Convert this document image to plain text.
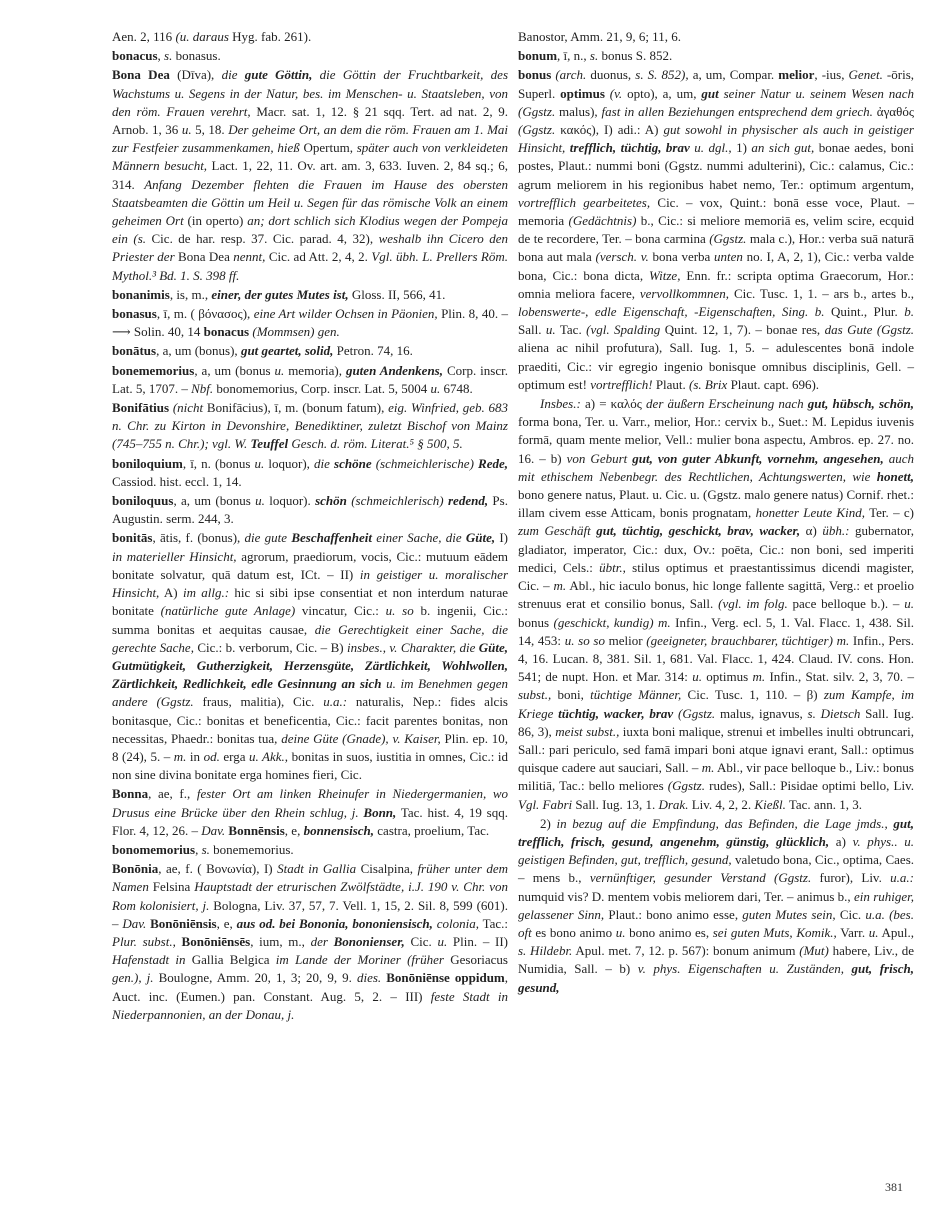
Aen. 2, 116 (u. daraus Hyg. fab. 261).

bonacus, s. bonasus.

Bona Dea (Dīva), die gute Göttin, die Göttin der Fruchtbarkeit, des Wachstums u. Segens in der Natur, bes. im Menschen- u. Staatsleben, von den röm. Frauen verehrt, Macr. sat. 1, 12. § 21 sqq. Tert. ad nat. 2, 9. Arnob. 1, 36 u. 5, 18. Der geheime Ort, an dem die röm. Frauen am 1. Mai zur Festfeier zusammenkamen, hieß Opertum, später auch von verkleideten Männern besucht, Lact. 1, 22, 11. Ov. art. am. 3, 633. Iuven. 2, 84 sq.; 6, 314. Anfang Dezember flehten die Frauen im Hause des obersten Staatsbeamten die Göttin um Heil u. Segen für das römische Volk an einem geheimen Ort (in operto) an; dort schlich sich Klodius wegen der Pompeja ein (s. Cic. de har. resp. 37. Cic. parad. 4, 32), weshalb ihn Cicero den Priester der Bona Dea nennt, Cic. ad Att. 2, 4, 2. Vgl. übh. L. Prellers Röm. Mythol.³ Bd. 1. S. 398 ff.

bonanimis, is, m., einer, der gutes Mutes ist, Gloss. II, 566, 41.

bonasus, ī, m. ( βόνασος), eine Art wilder Ochsen in Päonien, Plin. 8, 40. – ⟶ Solin. 40, 14 bonacus (Mommsen) gen.

bonātus, a, um (bonus), gut geartet, solid, Petron. 74, 16.

bonememorius, a, um (bonus u. memoria), guten Andenkens, Corp. inscr. Lat. 5, 1707. – Nbf. bonomemorius, Corp. inscr. Lat. 5, 5004 u. 6748.

Bonifātius (nicht Bonifācius), ī, m. (bonum fatum), eig. Winfried, geb. 683 n. Chr. zu Kirton in Devonshire, Benediktiner, zuletzt Bischof von Mainz (745–755 n. Chr.); vgl. W. Teuffel Gesch. d. röm. Literat.⁵ § 500, 5.

boniloquium, ī, n. (bonus u. loquor), die schöne (schmeichlerische) Rede, Cassiod. hist. eccl. 1, 14.

boniloquus, a, um (bonus u. loquor). schön (schmeichlerisch) redend, Ps. Augustin. serm. 244, 3.

bonitās, ātis, f. (bonus), die gute Beschaffenheit einer Sache, die Güte, I) in materieller Hinsicht, agrorum, praediorum, vocis, Cic.: mutuum eādem bonitate solvatur, quā datum est, ICt. – II) in geistiger u. moralischer Hinsicht, A) im allg.: hic si sibi ipse consentiat et non interdum naturae bonitate (natürliche gute Anlage) vincatur, Cic.: u. so b. ingenii, Cic.: summa bonitas et aequitas causae, die Gerechtigkeit einer Sache, die gerechte Sache, Cic.: b. verborum, Cic. – B) insbes., v. Charakter, die Güte, Gutmütigkeit, Gutherzigkeit, Herzensgüte, Zärtlichkeit, Wohlwollen, Zärtlichkeit, Redlichkeit, edle Gesinnung an sich u. im Benehmen gegen andere (Ggstz. fraus, malitia), Cic. u.a.: naturalis, Nep.: fides alcis bonitasque, Cic.: bonitas et beneficentia, Cic.: facit parentes bonitas, non necessitas, Phaedr.: bonitas tua, deine Güte (Gnade), v. Kaiser, Plin. ep. 10, 8 (24), 5. – m. in od. erga u. Akk., bonitas in suos, iustitia in omnes, Cic.: id non sine divina bonitate erga homines fieri, Cic.

Bonna, ae, f., fester Ort am linken Rheinufer in Niedergermanien, wo Drusus eine Brücke über den Rhein schlug, j. Bonn, Tac. hist. 4, 19 sqq. Flor. 4, 12, 26. – Dav. Bonnēnsis, e, bonnensisch, castra, proelium, Tac.

bonomemorius, s. bonememorius.

Bonōnia, ae, f. ( Βονωνία), I) Stadt in Gallia Cisalpina, früher unter dem Namen Felsina Hauptstadt der etrurischen Zwölfstädte, i.J. 190 v. Chr. von Rom kolonisiert, j. Bologna, Liv. 37, 57, 7. Vell. 1, 15, 2. Sil. 8, 599 (601). – Dav. Bonōniēnsis, e, aus od. bei Bononia, bononiensisch, colonia, Tac.: Plur. subst., Bonōniēnsēs, ium, m., der Bononienser, Cic. u. Plin. – II) Hafenstadt in Gallia Belgica im Lande der Moriner (früher Gesoriacus gen.), j. Boulogne, Amm. 20, 1, 3; 20, 9, 9. dies. Bonōniēnse oppidum, Auct. inc. (Eumen.) pan. Constant. Aug. 5, 2. – III) feste Stadt in Niederpannonien, an der Donau, j.

Banostor, Amm. 21, 9, 6; 11, 6.

bonum, ī, n., s. bonus S. 852.

bonus (arch. duonus, s. S. 852), a, um, Compar. melior, -ius, Genet. -ōris, Superl. optimus (v. opto), a, um, gut seiner Natur u. seinem Wesen nach (Ggstz. malus), fast in allen Beziehungen entsprechend dem griech. ἀγαθός (Ggstz. κακός), I) adi.: A) gut sowohl in physischer als auch in geistiger Hinsicht, trefflich, tüchtig, brav u. dgl., 1) an sich gut, bonae aedes, boni postes, Plaut.: nummi boni (Ggstz. nummi adulterini), Cic.: calamus, Cic.: agrum meliorem in his regionibus habet nemo, Ter.: optimum argentum, vortrefflich gearbeitetes, Cic. – vox, Quint.: bonā esse voce, Plaut. – memoria (Gedächtnis) b., Cic.: si meliore memoriā es, velim scire, ecquid de te recordere, Ter. – bona carmina (Ggstz. mala c.), Hor.: verba suā naturā bona aut mala (versch. v. bona verba unten no. I, A, 2, 1), Cic.: verba valde bona, Cic.: bona dicta, Witze, Enn. fr.: scripta optima Graecorum, Hor.: omnia meliora facere, vervollkommnen, Cic. Tusc. 1, 1. – ars b., artes b., lobenswerte-, edle Eigenschaft, -Eigenschaften, Sing. b. Quint., Plur. b. Sall. u. Tac. (vgl. Spalding Quint. 12, 1, 7). – bonae res, das Gute (Ggstz. aliena ac nihil profutura), Sall. Iug. 1, 5. – adulescentes bonā indole praediti, Cic.: vir egregio ingenio bonisque omnibus disciplinis, Gell. – optimum est! vortrefflich! Plaut. (s. Brix Plaut. capt. 696).

Insbes.: a) = καλός der äußern Erscheinung nach gut, hübsch, schön, forma bona, Ter. u. Varr., melior, Hor.: cervix b., Suet.: M. Lepidus iuvenis formā, quam mente melior, Vell.: mulier bona aspectu, Ambros. ep. 27. no. 16. – b) von Geburt gut, von guter Abkunft, vornehm, angesehen, auch mit ethischem Nebenbegr. des Rechtlichen, Achtungswerten, wie honett, bono genere natus, Plaut. u. Cic. u. (Ggstz. malo genere natus) Cornif. rhet.: illam civem esse Atticam, bonis prognatam, honetter Leute Kind, Ter. – c) zum Geschäft gut, tüchtig, geschickt, brav, wacker, α) übh.: gubernator, gladiator, imperator, Cic.: dux, Ov.: poēta, Cic.: non boni, sed imperiti medici, Cels.: übtr., stilus optimus et praestantissimus dicendi magister, Cic. – m. Abl., hic iaculo bonus, hic longe fallente sagittā, Verg.: et proelio strenuus erat et consilio bonus, Sall. (vgl. im folg. pace belloque b.). – u. bonus (geschickt, kundig) m. Infin., Verg. ecl. 5, 1. Val. Flacc. 1, 438. Sil. 14, 453: u. so so melior (geeigneter, brauchbarer, tüchtiger) m. Infin., Pers. 4, 16. Lucan. 8, 381. Sil. 1, 681. Val. Flacc. 1, 424. Claud. IV. cons. Hon. 541; de nupt. Hon. et Mar. 314: u. optimus m. Infin., Stat. silv. 2, 3, 70. – subst., boni, tüchtige Männer, Cic. Tusc. 1, 110. – β) zum Kampfe, im Kriege tüchtig, wacker, brav (Ggstz. malus, ignavus, s. Dietsch Sall. Iug. 86, 3), meist subst., iuxta boni malique, strenui et imbelles inulti obtruncari, Sall.: pari periculo, sed famā impari boni atque ignavi erant, Sall.: optimus quisque cadere aut sauciari, Sall. – m. Abl., vir pace belloque b., Liv.: bonus militiā, Tac.: bello meliores (Ggstz. rudes), Sall.: Pisidae optimi bello, Liv. Vgl. Fabri Sall. Iug. 13, 1. Drak. Liv. 4, 2, 2. Kießl. Tac. ann. 1, 3.

2) in bezug auf die Empfindung, das Befinden, die Lage jmds., gut, trefflich, frisch, gesund, angenehm, günstig, glücklich, a) v. phys.. u. geistigen Befinden, gut, trefflich, gesund, valetudo bona, Cic., optima, Caes. – mens b., vernünftiger, gesunder Verstand (Ggstz. furor), Liv. u.a.: numquid vis? D. mentem vobis meliorem dari, Ter. – animus b., ein ruhiger, gelassener Sinn, Plaut.: bono animo esse, guten Mutes sein, Cic. u.a. (bes. oft es bono animo u. bono animo es, sei guten Muts, Komik., Varr. u. Apul., s. Hildebr. Apul. met. 7, 12. p. 567): bonum animum (Mut) habere, Liv., de Numidia, Sall. – b) v. phys. Eigenschaften u. Zuständen, gut, frisch, gesund,

381
